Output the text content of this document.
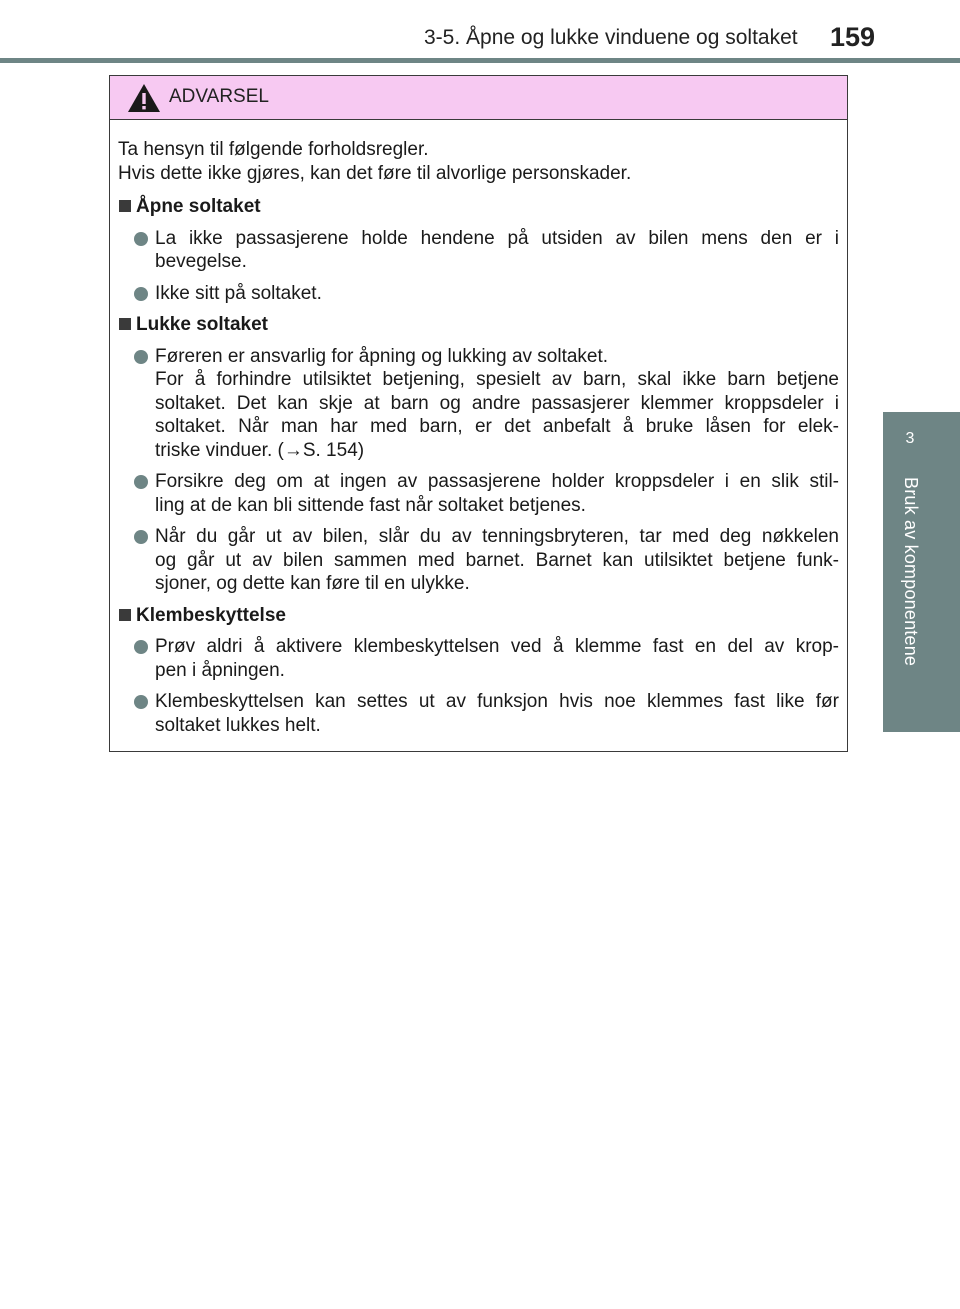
3-5. Åpne og lukke vinduene og soltaket 159
3
Bruk av komponentene
ADVARSEL
Ta hensyn til følgende forholdsregler.
Hvis dette ikke gjøres, kan det føre til alvorlige personskader.
Åpne soltaket
La ikke passasjerene holde hendene på utsiden av bilen mens den er i
bevegelse.
Ikke sitt på soltaket.
Lukke soltaket
Føreren er ansvarlig for åpning og lukking av soltaket.
For å forhindre utilsiktet betjening, spesielt av barn, skal ikke barn betjene
soltaket. Det kan skje at barn og andre passasjerer klemmer kroppsdeler i
soltaket. Når man har med barn, er det anbefalt å bruke låsen for elek-
triske vinduer. (→S. 154)
Forsikre deg om at ingen av passasjerene holder kroppsdeler i en slik stil-
ling at de kan bli sittende fast når soltaket betjenes.
Når du går ut av bilen, slår du av tenningsbryteren, tar med deg nøkkelen
og går ut av bilen sammen med barnet. Barnet kan utilsiktet betjene funk-
sjoner, og dette kan føre til en ulykke.
Klembeskyttelse
Prøv aldri å aktivere klembeskyttelsen ved å klemme fast en del av krop-
pen i åpningen.
Klembeskyttelsen kan settes ut av funksjon hvis noe klemmes fast like før
soltaket lukkes helt.
